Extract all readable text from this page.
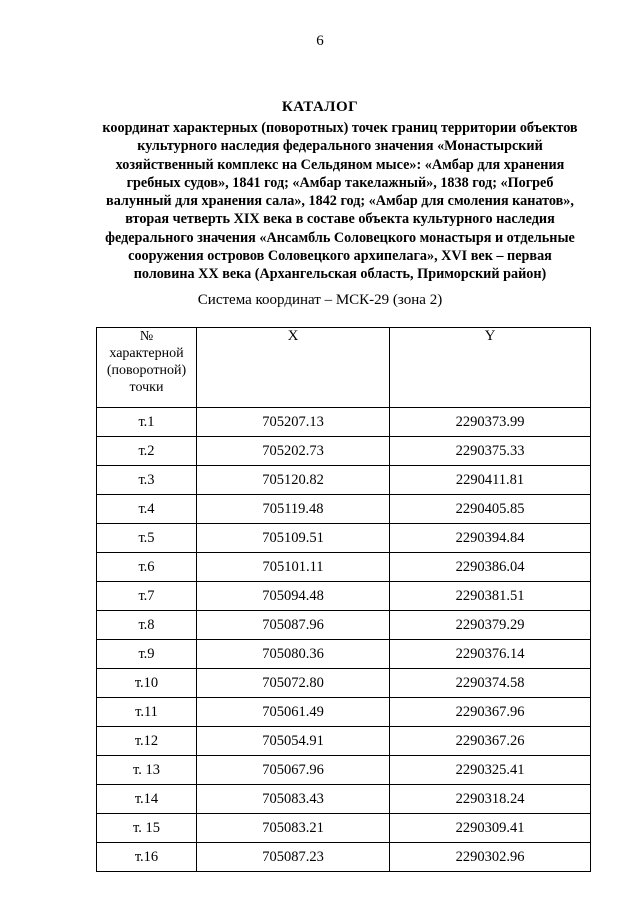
6
КАТАЛОГ
координат характерных (поворотных) точек границ территории объектов
культурного наследия федерального значения «Монастырский
хозяйственный комплекс на Сельдяном мысе»: «Амбар для хранения
гребных судов», 1841 год; «Амбар такелажный», 1838 год; «Погреб
валунный для хранения сала», 1842 год; «Амбар для смоления канатов»,
вторая четверть XIX века в составе объекта культурного наследия
федерального значения «Ансамбль Соловецкого монастыря и отдельные
сооружения островов Соловецкого архипелага», XVI век – первая
половина XX века (Архангельская область, Приморский район)
Система координат – МСК-29 (зона 2)
№
характерной
(поворотной)
точки	X	Y
т.1	705207.13	2290373.99
т.2	705202.73	2290375.33
т.3	705120.82	2290411.81
т.4	705119.48	2290405.85
т.5	705109.51	2290394.84
т.6	705101.11	2290386.04
т.7	705094.48	2290381.51
т.8	705087.96	2290379.29
т.9	705080.36	2290376.14
т.10	705072.80	2290374.58
т.11	705061.49	2290367.96
т.12	705054.91	2290367.26
т. 13	705067.96	2290325.41
т.14	705083.43	2290318.24
т. 15	705083.21	2290309.41
т.16	705087.23	2290302.96
